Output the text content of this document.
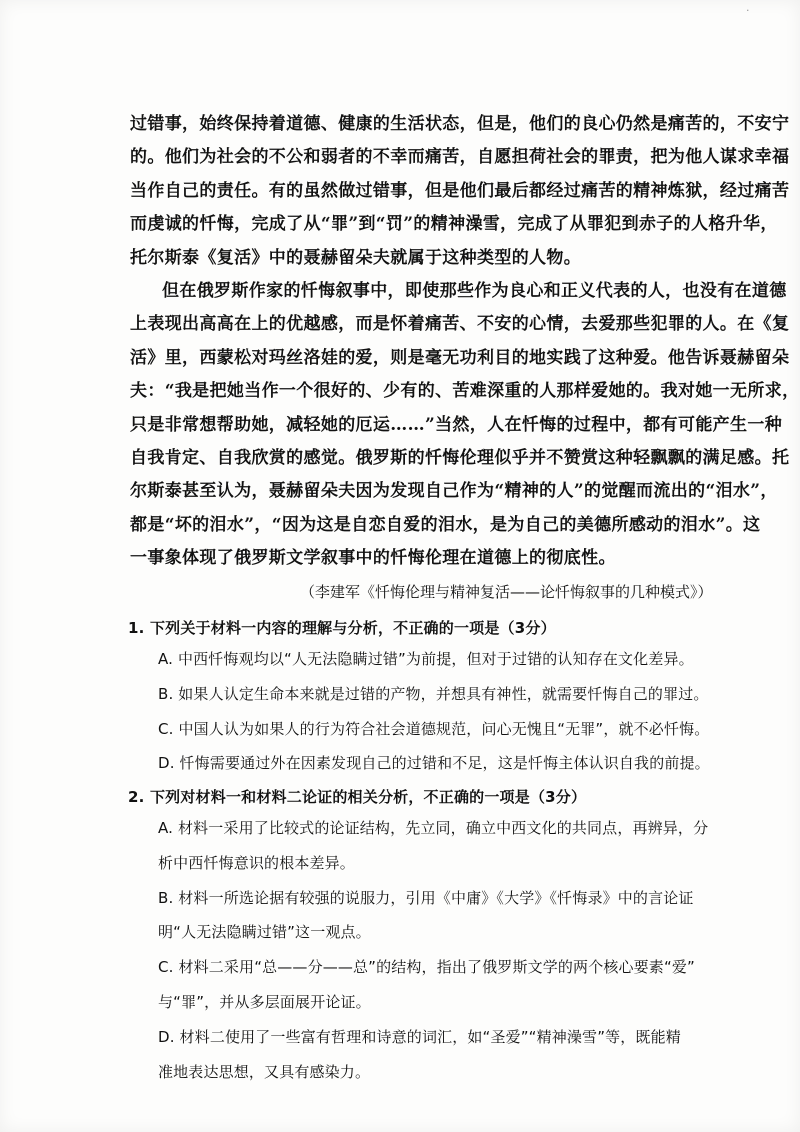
·
过错事，始终保持着道德、健康的生活状态，但是，他们的良心仍然是痛苦的，不安宁
的。他们为社会的不公和弱者的不幸而痛苦，自愿担荷社会的罪责，把为他人谋求幸福
当作自己的责任。有的虽然做过错事，但是他们最后都经过痛苦的精神炼狱，经过痛苦
而虔诚的忏悔，完成了从“罪”到“罚”的精神澡雪，完成了从罪犯到赤子的人格升华，
托尔斯泰《复活》中的聂赫留朵夫就属于这种类型的人物。
但在俄罗斯作家的忏悔叙事中，即使那些作为良心和正义代表的人，也没有在道德
上表现出高高在上的优越感，而是怀着痛苦、不安的心情，去爱那些犯罪的人。在《复
活》里，西蒙松对玛丝洛娃的爱，则是毫无功利目的地实践了这种爱。他告诉聂赫留朵
夫：“我是把她当作一个很好的、少有的、苦难深重的人那样爱她的。我对她一无所求，
只是非常想帮助她，减轻她的厄运……”当然，人在忏悔的过程中，都有可能产生一种
自我肯定、自我欣赏的感觉。俄罗斯的忏悔伦理似乎并不赞赏这种轻飘飘的满足感。托
尔斯泰甚至认为，聂赫留朵夫因为发现自己作为“精神的人”的觉醒而流出的“泪水”，
都是“坏的泪水”，“因为这是自恋自爱的泪水，是为自己的美德所感动的泪水”。这
一事象体现了俄罗斯文学叙事中的忏悔伦理在道德上的彻底性。
（李建军《忏悔伦理与精神复活——论忏悔叙事的几种模式》）
1. 下列关于材料一内容的理解与分析，不正确的一项是（3分）
A. 中西忏悔观均以“人无法隐瞒过错”为前提，但对于过错的认知存在文化差异。
B. 如果人认定生命本来就是过错的产物，并想具有神性，就需要忏悔自己的罪过。
C. 中国人认为如果人的行为符合社会道德规范，问心无愧且“无罪”，就不必忏悔。
D. 忏悔需要通过外在因素发现自己的过错和不足，这是忏悔主体认识自我的前提。
2. 下列对材料一和材料二论证的相关分析，不正确的一项是（3分）
A. 材料一采用了比较式的论证结构，先立同，确立中西文化的共同点，再辨异，分
析中西忏悔意识的根本差异。
B. 材料一所选论据有较强的说服力，引用《中庸》《大学》《忏悔录》中的言论证
明“人无法隐瞒过错”这一观点。
C. 材料二采用“总——分——总”的结构，指出了俄罗斯文学的两个核心要素“爱”
与“罪”，并从多层面展开论证。
D. 材料二使用了一些富有哲理和诗意的词汇，如“圣爱”“精神澡雪”等，既能精
准地表达思想，又具有感染力。
